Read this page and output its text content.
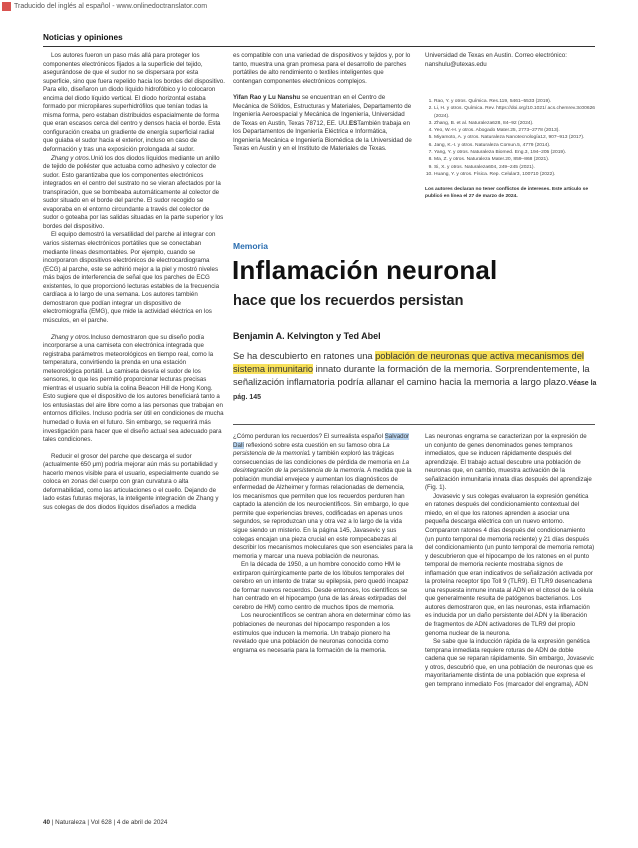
Traducido del inglés al español - www.onlinedoctranslator.com
Noticias y opiniones

Los autores fueron un paso más allá para proteger los componentes electrónicos fijados a la superficie del tejido, asegurándose de que el sudor no se dispersara por esta superficie, sino que fuera repelido hacia los bordes del dispositivo. Para ello, diseñaron un diodo líquido hidrofóbico y lo colocaron encima del diodo líquido vertical. El diodo horizontal estaba formado por micropilares superhidrófilos que tenían todas la misma forma, pero estaban distribuidos espacialmente de forma que eran escasos cerca del centro y densos hacia el borde. Esta configuración creaba un gradiente de energía superficial radial que guiaba el sudor hacia el exterior, incluso en caso de deformación y tras una exposición prolongada al sudor.

Zhang y otros.Unió los dos diodos líquidos mediante un anillo de tejido de poliéster que actuaba como adhesivo y colector de sudor. Esto garantizaba que los componentes electrónicos integrados en el centro del sustrato no se vieran afectados por la transpiración, que se bombeaba automáticamente al colector de sudor situado en el borde del parche. El sudor recogido se evaporaba en el entorno circundante a través del colector de sudor o goteaba por las salidas situadas en la parte superior y los bordes del dispositivo.

El equipo demostró la versatilidad del parche al integrar con varios sistemas electrónicos portátiles que se conectaban mediante líneas desmontables. Por ejemplo, cuando se incorporaron dispositivos electrónicos de electrocardiograma (ECG) al parche, este se adhirió mejor a la piel y mostró niveles más bajos de interferencia de señal que los parches de ECG existentes, lo que proporcionó lecturas estables de la frecuencia cardíaca a lo largo de una semana. Los autores también demostraron que podían integrar un dispositivo de electromiografía (EMG), que mide la actividad eléctrica en los músculos, en el parche.

Zhang y otros.Incluso demostraron que su diseño podía incorporarse a una camiseta con electrónica integrada que registraba parámetros meteorológicos en tiempo real, como la temperatura, convirtiendo la prenda en una estación meteorológica portátil. La camiseta desvía el sudor de los sensores, lo que les permitió proporcionar lecturas precisas mientras el usuario subía la colina Beacon Hill de Hong Kong. Esto sugiere que el dispositivo de los autores beneficiará tanto a los entusiastas del aire libre como a las personas que trabajan en entornos difíciles. Incluso podría ser útil en condiciones de mucha humedad o lluvia en el futuro. Sin embargo, se requerirá más investigación para hacer que el diseño actual sea adecuado para tales condiciones.

Reducir el grosor del parche que descarga el sudor (actualmente 650 μm) podría mejorar aún más su portabilidad y hacerlo menos visible para el usuario, especialmente cuando se coloca en zonas del cuerpo con gran curvatura o alta deformabilidad, como las articulaciones o el cuello. Dejando de lado estas futuras mejoras, la inteligente integración de Zhang y sus colegas de dos diodos líquidos diseñados a medida

es compatible con una variedad de dispositivos y tejidos y, por lo tanto, muestra una gran promesa para el desarrollo de parches portátiles de alto rendimiento o textiles inteligentes que contengan componentes electrónicos complejos.

Yifan Rao y Lu Nanshu se encuentran en el Centro de Mecánica de Sólidos, Estructuras y Materiales, Departamento de Ingeniería Aeroespacial y Mecánica de Ingeniería, Universidad de Texas en Austin, Texas 78712, EE. UU.ESTambién trabaja en los Departamentos de Ingeniería Eléctrica e Informática, Ingeniería Mecánica e Ingeniería Biomédica de la Universidad de Texas en Austin y en el Instituto de Materiales de Texas.

Universidad de Texas en Austin. Correo electrónico: nanshulu@utexas.edu
1. Rao, Y. y otros. Química. Res.119, 5461–5533 (2019).
2. Li, H. y otros. Química. Rev. https://doi.org/10.1021/ acs.chemrev.3c00626 (2024).
3. Zhang, B. et al. Naturaleza628, 84–92 (2024).
4. Yeo, W.-H. y otros. Abogado Mater.25, 2773–2778 (2013).
5. Miyamoto, A. y otros. Naturaleza Nanotecnología12, 907–913 (2017).
6. Jang, K.-I. y otros. Naturaleza Comun.5, 4779 (2014).
7. Yang, Y. y otros. Naturaleza Biomed. Eng.3, 194–205 (2019).
8. Ma, Z. y otros. Naturaleza Mater.20, 859–868 (2021).
9. Si, X. y otros. Naturaleza604, 249–245 (2021).
10. Huang, Y. y otros. Física. Rep. Celular3, 100710 (2022).
Los autores declaran no tener conflictos de intereses. Este artículo se publicó en línea el 27 de marzo de 2024.
Memoria
Inflamación neuronal
hace que los recuerdos persistan
Benjamin A. Kelvington y Ted Abel
Se ha descubierto en ratones una población de neuronas que activa mecanismos del sistema inmunitario innato durante la formación de la memoria. Sorprendentemente, la señalización inflamatoria podría allanar el camino hacia la memoria a largo plazo.Véase la pág. 145

¿Cómo perduran los recuerdos? El surrealista español Salvador Dalí reflexionó sobre esta cuestión en su famoso obra La persistencia de la memoria1 y también exploró las trágicas consecuencias de las condiciones de pérdida de memoria en La desintegración de la persistencia de la memoria. A medida que la población mundial envejece y aumentan los diagnósticos de enfermedad de Alzheimer y formas relacionadas de demencia, los mecanismos que permiten que los recuerdos perduren han captado la atención de los neurocientíficos. Sin embargo, lo que permite que experiencias breves, codificadas en apenas unos segundos, se reproduzcan una y otra vez a lo largo de la vida sigue siendo un misterio. En la página 145, Javasevic y sus colegas encajan una pieza crucial en este rompecabezas al describir los mecanismos moleculares que son esenciales para la memoria y marcar una nueva población de neuronas.

En la década de 1950, a un hombre conocido como HM le extirparon quirúrgicamente parte de los lóbulos temporales del cerebro en un intento de tratar su epilepsia, pero quedó incapaz de formar nuevos recuerdos. Desde entonces, los científicos se han centrado en el hipocampo (una de las áreas extirpadas del cerebro de HM) como centro de muchos tipos de memoria.

Los neurocientíficos se centran ahora en determinar cómo las poblaciones de neuronas del hipocampo responden a los estímulos que inducen la memoria. Un trabajo pionero ha revelado que una población de neuronas conocida como engrama es necesaria para la formación de la memoria.

Las neuronas engrama se caracterizan por la expresión de un conjunto de genes denominados genes tempranos inmediatos, que se inducen rápidamente después del aprendizaje. El trabajo actual descubre una población de neuronas que, en cambio, muestra activación de la señalización inmunitaria innata días después del aprendizaje (Fig. 1).

Jovasevic y sus colegas evaluaron la expresión genética en ratones después del condicionamiento contextual del miedo, en el que los ratones aprenden a asociar una pequeña descarga eléctrica con un nuevo entorno. Compararon ratones 4 días después del condicionamiento (un punto temporal de memoria reciente) y 21 días después del condicionamiento (un punto temporal de memoria remota) y descubrieron que el hipocampo de los ratones en el punto temporal de memoria reciente mostraba signos de inflamación que eran indicativos de señalización activada por la proteína receptor tipo Toll 9 (TLR9). El TLR9 desencadena una respuesta inmune innata al ADN en el citosol de la célula que generalmente resulta de patógenos bacterianos. Los autores demostraron que, en las neuronas, esta inflamación es inducida por un daño persistente del ADN y la liberación de fragmentos de ADN activadores de TLR9 del propio genoma nuclear de la neurona.

Se sabe que la inducción rápida de la expresión genética temprana inmediata requiere roturas de ADN de doble cadena que se reparan rápidamente. Sin embargo, Jovasevic y otros, descubrió que, en una población de neuronas que es mayoritariamente distinta de una población que expresa el gen temprano inmediato Fos (marcador del engrama), ADN

40 | Naturaleza | Vol 628 | 4 de abril de 2024
